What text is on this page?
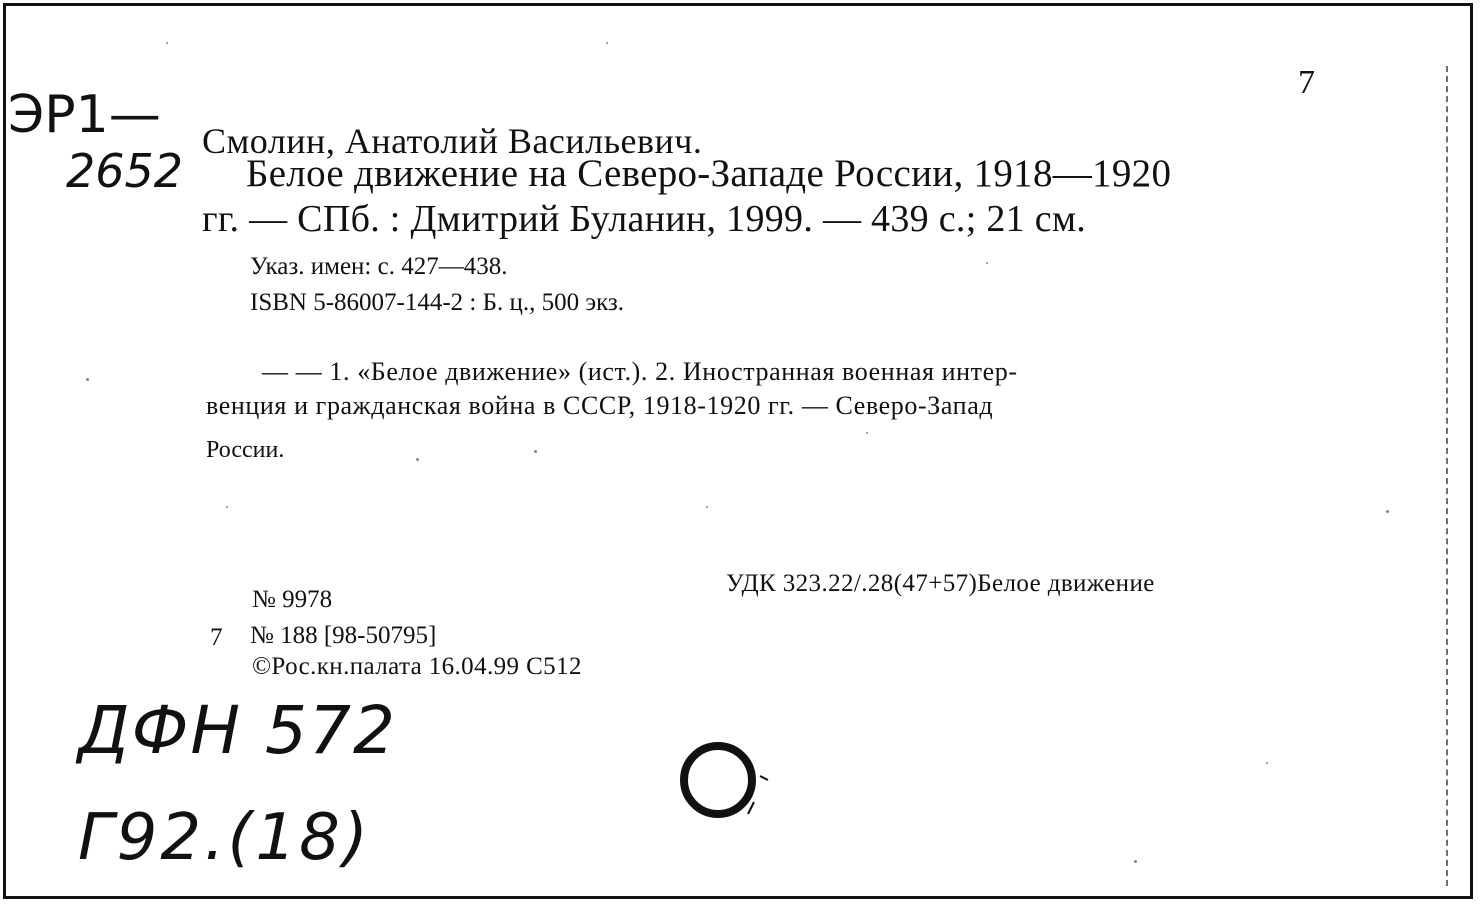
7
Смолин, Анатолий Васильевич.
Белое движение на Северо-Западе России, 1918—1920
гг. — СПб. : Дмитрий Буланин, 1999. — 439 с.; 21 см.
Указ. имен: с. 427—438.
ISBN 5-86007-144-2 : Б. ц., 500 экз.
— — 1. «Белое движение» (ист.). 2. Иностранная военная интер-
венция и гражданская война в СССР, 1918-1920 гг. — Северо-Запад
России.
№ 9978
УДК 323.22/.28(47+57)Белое движение
7 № 188 [98-50795]
©Рос.кн.палата 16.04.99 С512
ЭР1—
2652
ДФН 572
Г92.(18)
